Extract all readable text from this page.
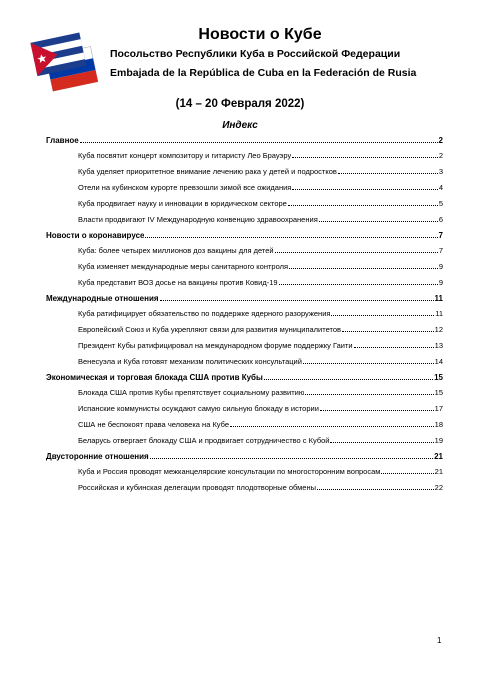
Новости о Кубе
Посольство Республики Куба в Российской Федерации
Embajada de la República de Cuba en la Federación de Rusia
(14 – 20 Февраля 2022)
Индекс
Главное	2
Куба посвятит концерт композитору и гитаристу Лео Брауэру	2
Куба уделяет приоритетное внимание лечению рака у детей и подростков	3
Отели на кубинском курорте превзошли зимой все ожидания	4
Куба продвигает науку и инновации в юридическом секторе	5
Власти продвигают IV Международную конвенцию здравоохранения	6
Новости о коронавирусе	7
Куба: более четырех миллионов доз вакцины для детей	7
Куба изменяет международные меры санитарного контроля	9
Куба представит ВОЗ досье на вакцины против Ковид-19	9
Международные отношения	11
Куба ратифицирует обязательство по поддержке ядерного разоружения	11
Европейский Союз и Куба укрепляют связи для развития муниципалитетов	12
Президент Кубы ратифицировал на международном форуме поддержку Гаити	13
Венесуэла и Куба готовят механизм политических консультаций	14
Экономическая и торговая блокада США против Кубы	15
Блокада США против Кубы препятствует социальному развитию	15
Испанские коммунисты осуждают самую сильную блокаду в истории	17
США не беспокоят права человека на Кубе	18
Беларусь отвергает блокаду США и продвигает сотрудничество с Кубой	19
Двусторонние отношения	21
Куба и Россия проводят межканцелярские консультации по многосторонним вопросам	21
Российская и кубинская делегации проводят плодотворные обмены	22
1
